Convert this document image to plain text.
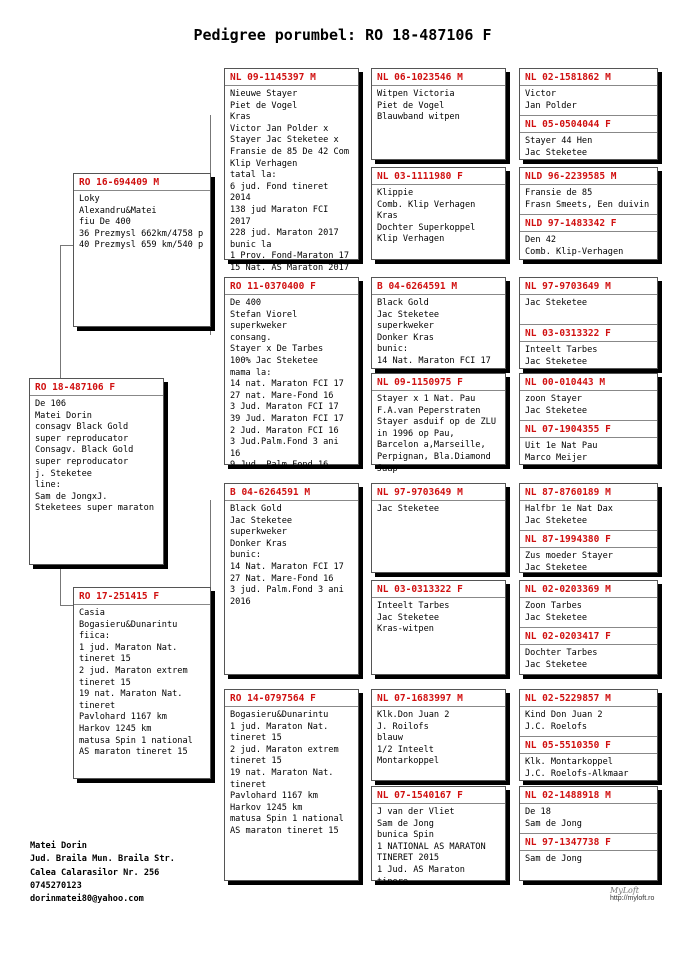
Pedigree porumbel: RO 18-487106 F
RO 18-487106 F
De 106
Matei Dorin
consagv Black Gold super reproducator
Consagv. Black Gold super reproducator
j. Steketee
line:
Sam de JongxJ. Steketees super maraton
RO 16-694409 M
Loky
Alexandru&Matei
fiu De 400
36 Prezmysl 662km/4758 p
40 Prezmysl 659 km/540 p
RO 17-251415 F
Casia
Bogasieru&Dunarintu
fiica:
1 jud. Maraton Nat. tineret 15
2 jud. Maraton extrem tineret 15
19 nat. Maraton Nat. tineret
Pavlohard 1167 km
Harkov 1245 km
matusa Spin 1 national
AS maraton tineret 15
NL 09-1145397 M
Nieuwe Stayer
Piet de Vogel
Kras
Victor Jan Polder x Stayer Jac Steketee x Fransie de 85 De 42 Com Klip Verhagen
tatal la:
6 jud. Fond tineret 2014
138 jud Maraton FCI 2017
228 jud. Maraton 2017
bunic la
1 Prov. Fond-Maraton 17
15 Nat. AS Maraton 2017
RO 11-0370400 F
De 400
Stefan Viorel
superkweker
consang.
Stayer x De Tarbes
100% Jac Steketee
mama la:
14 nat. Maraton FCI 17
27 nat. Mare-Fond 16
3 Jud. Maraton FCI 17
39 Jud. Maraton FCI 17
2 Jud. Maraton FCI 16
3 Jud.Palm.Fond 3 ani 16
9 Jud. Palm.Fond 16
B 04-6264591 M
Black Gold
Jac Steketee
superkweker
Donker Kras
bunic:
14 Nat. Maraton FCI 17
27 Nat. Mare-Fond 16
3 jud. Palm.Fond 3 ani 2016
RO 14-0797564 F
Bogasieru&Dunarintu
1 jud. Maraton Nat. tineret 15
2 jud. Maraton extrem tineret 15
19 nat. Maraton Nat. tineret
Pavlohard 1167 km
Harkov 1245 km
matusa Spin 1 national
AS maraton tineret 15
NL 06-1023546 M
Witpen Victoria
Piet de Vogel
Blauwband witpen
NL 03-1111980 F
Klippie
Comb. Klip Verhagen
Kras
Dochter Superkoppel
Klip Verhagen
B 04-6264591 M
Black Gold
Jac Steketee
superkweker
Donker Kras
bunic:
14 Nat. Maraton FCI 17
NL 09-1150975 F
Stayer x 1 Nat. Pau
F.A.van Peperstraten
Stayer asduif op de ZLU in 1996 op Pau, Barcelon a,Marseille, Perpignan, Bla.Diamond Jaap
NL 97-9703649 M
Jac Steketee
NL 03-0313322 F
Inteelt Tarbes
Jac Steketee
Kras-witpen
NL 07-1683997 M
Klk.Don Juan 2
J. Roilofs
blauw
1/2 Inteelt
Montarkoppel
NL 07-1540167 F
J van der Vliet
Sam de Jong
bunica Spin
1 NATIONAL AS MARATON TINERET 2015
1 Jud. AS Maraton tinere
NL 02-1581862 M
Victor
Jan Polder
NL 05-0504044 F
Stayer 44 Hen
Jac Steketee
NLD 96-2239585 M
Fransie de 85
Frasn Smeets, Een duivin
NLD 97-1483342 F
Den 42
Comb. Klip-Verhagen
NL 97-9703649 M
Jac Steketee
NL 03-0313322 F
Inteelt Tarbes
Jac Steketee
NL 00-010443 M
zoon Stayer
Jac Steketee
NL 07-1904355 F
Uit 1e Nat Pau
Marco Meijer
NL 87-8760189 M
Halfbr 1e Nat Dax
Jac Steketee
NL 87-1994380 F
Zus moeder Stayer
Jac Steketee
NL 02-0203369 M
Zoon Tarbes
Jac Steketee
NL 02-0203417 F
Dochter Tarbes
Jac Steketee
NL 02-5229857 M
Kind Don Juan 2
J.C. Roelofs
NL 05-5510350 F
Klk. Montarkoppel
J.C. Roelofs-Alkmaar
NL 02-1488918 M
De 18
Sam de Jong
NL 97-1347738 F
Sam de Jong
Matei Dorin
Jud. Braila Mun. Braila Str.
Calea Calarasilor Nr. 256
0745270123
dorinmatei80@yahoo.com
MyLoft
http://myloft.ro
